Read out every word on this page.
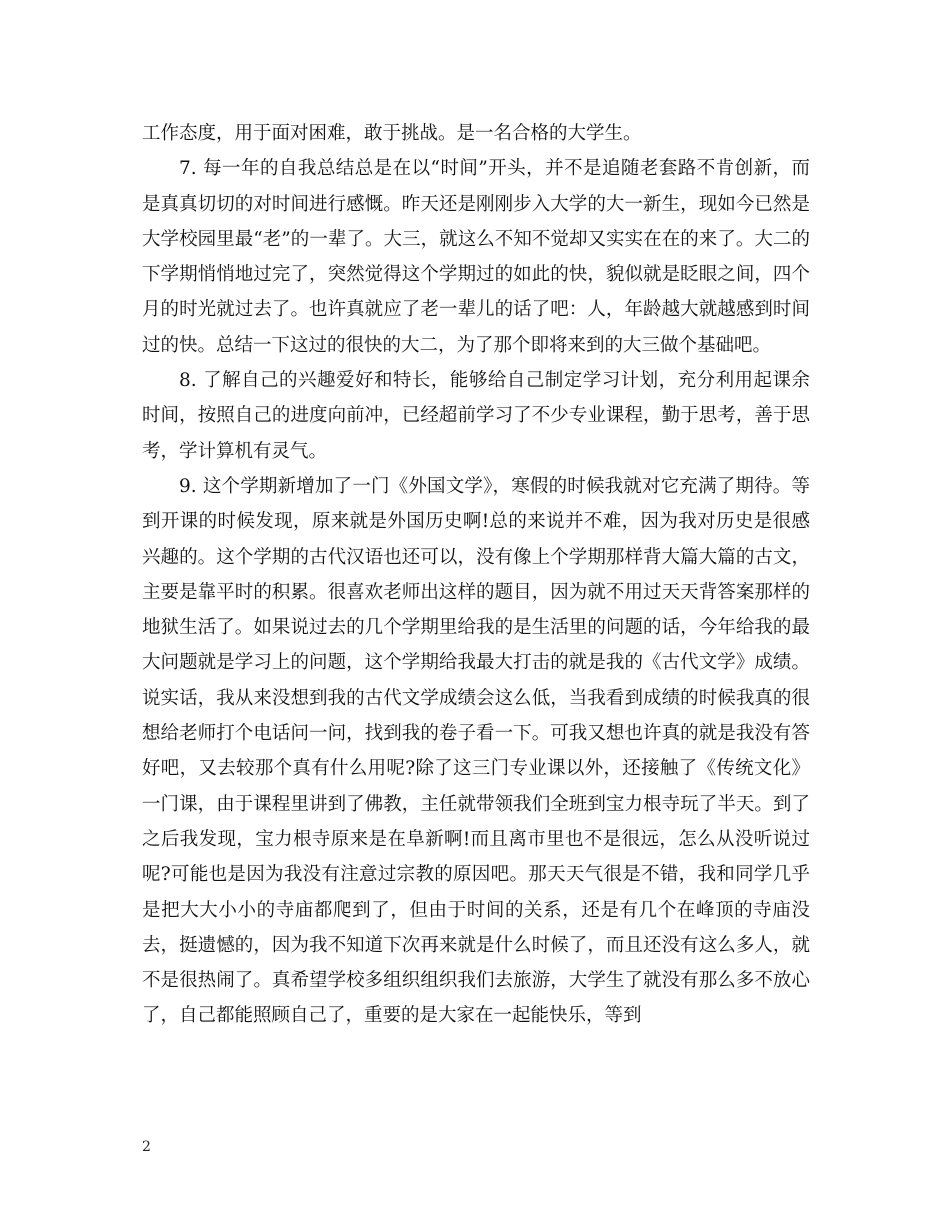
工作态度，用于面对困难，敢于挑战。是一名合格的大学生。

7. 每一年的自我总结总是在以“时间”开头，并不是追随老套路不肯创新，而是真真切切的对时间进行感慨。昨天还是刚刚步入大学的大一新生，现如今已然是大学校园里最“老”的一辈了。大三，就这么不知不觉却又实实在在的来了。大二的下学期悄悄地过完了，突然觉得这个学期过的如此的快，貌似就是眨眼之间，四个月的时光就过去了。也许真就应了老一辈儿的话了吧：人，年龄越大就越感到时间过的快。总结一下这过的很快的大二，为了那个即将来到的大三做个基础吧。

8. 了解自己的兴趣爱好和特长，能够给自己制定学习计划，充分利用起课余时间，按照自己的进度向前冲，已经超前学习了不少专业课程，勤于思考，善于思考，学计算机有灵气。

9. 这个学期新增加了一门《外国文学》，寒假的时候我就对它充满了期待。等到开课的时候发现，原来就是外国历史啊!总的来说并不难，因为我对历史是很感兴趣的。这个学期的古代汉语也还可以，没有像上个学期那样背大篇大篇的古文，主要是靠平时的积累。很喜欢老师出这样的题目，因为就不用过天天背答案那样的地狱生活了。如果说过去的几个学期里给我的是生活里的问题的话，今年给我的最大问题就是学习上的问题，这个学期给我最大打击的就是我的《古代文学》成绩。说实话，我从来没想到我的古代文学成绩会这么低，当我看到成绩的时候我真的很想给老师打个电话问一问，找到我的卷子看一下。可我又想也许真的就是我没有答好吧，又去较那个真有什么用呢?除了这三门专业课以外，还接触了《传统文化》一门课，由于课程里讲到了佛教，主任就带领我们全班到宝力根寺玩了半天。到了之后我发现，宝力根寺原来是在阜新啊!而且离市里也不是很远，怎么从没听说过呢?可能也是因为我没有注意过宗教的原因吧。那天天气很是不错，我和同学几乎是把大大小小的寺庙都爬到了，但由于时间的关系，还是有几个在峰顶的寺庙没去，挺遗憾的，因为我不知道下次再来就是什么时候了，而且还没有这么多人，就不是很热闹了。真希望学校多组织组织我们去旅游，大学生了就没有那么多不放心了，自己都能照顾自己了，重要的是大家在一起能快乐，等到

2
